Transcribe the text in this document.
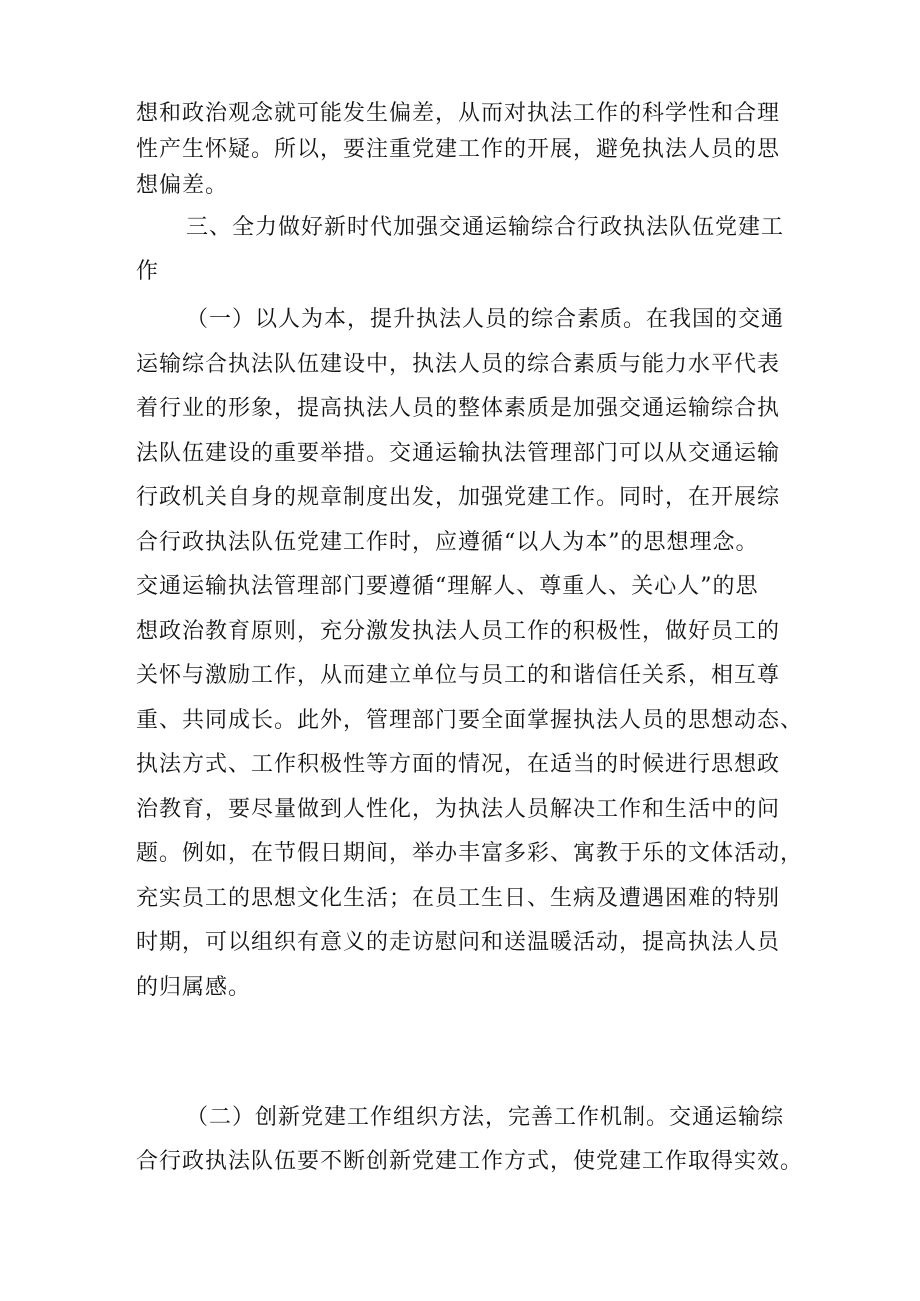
想和政治观念就可能发生偏差，从而对执法工作的科学性和合理
性产生怀疑。所以，要注重党建工作的开展，避免执法人员的思
想偏差。
三、全力做好新时代加强交通运输综合行政执法队伍党建工
作
（一）以人为本，提升执法人员的综合素质。在我国的交通
运输综合执法队伍建设中，执法人员的综合素质与能力水平代表
着行业的形象，提高执法人员的整体素质是加强交通运输综合执
法队伍建设的重要举措。交通运输执法管理部门可以从交通运输
行政机关自身的规章制度出发，加强党建工作。同时，在开展综
合行政执法队伍党建工作时，应遵循“以人为本”的思想理念。
交通运输执法管理部门要遵循“理解人、尊重人、关心人”的思
想政治教育原则，充分激发执法人员工作的积极性，做好员工的
关怀与激励工作，从而建立单位与员工的和谐信任关系，相互尊
重、共同成长。此外，管理部门要全面掌握执法人员的思想动态、
执法方式、工作积极性等方面的情况，在适当的时候进行思想政
治教育，要尽量做到人性化，为执法人员解决工作和生活中的问
题。例如，在节假日期间，举办丰富多彩、寓教于乐的文体活动，
充实员工的思想文化生活；在员工生日、生病及遭遇困难的特别
时期，可以组织有意义的走访慰问和送温暖活动，提高执法人员
的归属感。
（二）创新党建工作组织方法，完善工作机制。交通运输综
合行政执法队伍要不断创新党建工作方式，使党建工作取得实效。
